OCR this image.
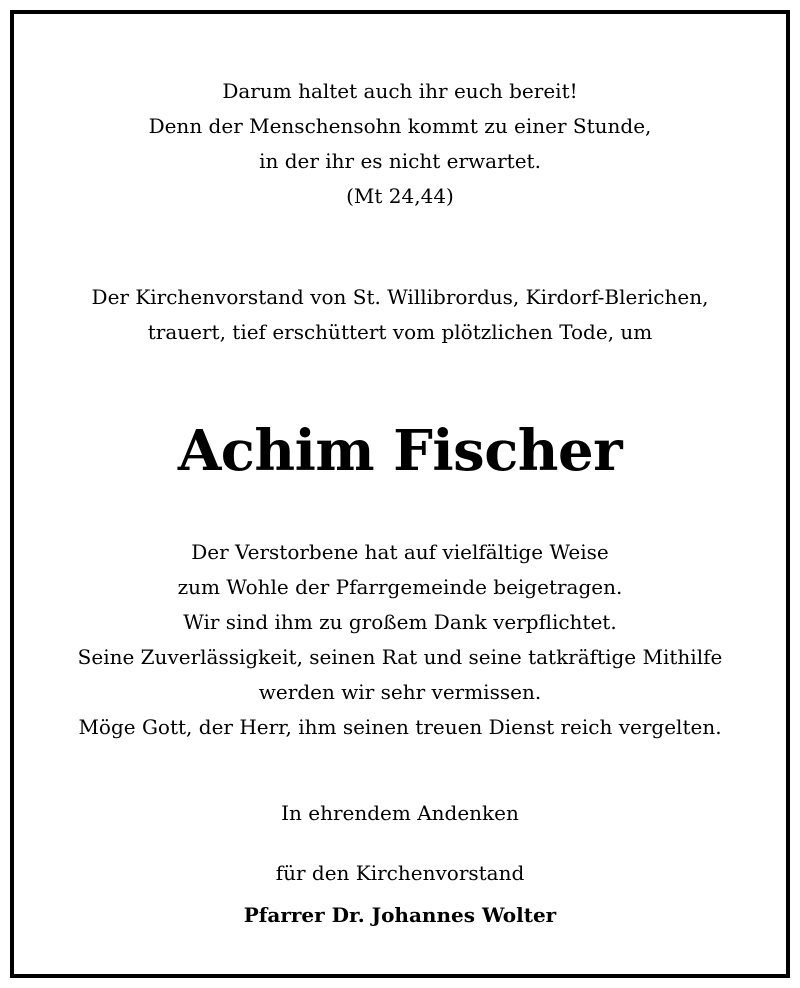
Darum haltet auch ihr euch bereit!
Denn der Menschensohn kommt zu einer Stunde,
in der ihr es nicht erwartet.
(Mt 24,44)
Der Kirchenvorstand von St. Willibrordus, Kirdorf-Blerichen,
trauert, tief erschüttert vom plötzlichen Tode, um
Achim Fischer
Der Verstorbene hat auf vielfältige Weise
zum Wohle der Pfarrgemeinde beigetragen.
Wir sind ihm zu großem Dank verpflichtet.
Seine Zuverlässigkeit, seinen Rat und seine tatkräftige Mithilfe
werden wir sehr vermissen.
Möge Gott, der Herr, ihm seinen treuen Dienst reich vergelten.
In ehrendem Andenken
für den Kirchenvorstand
Pfarrer Dr. Johannes Wolter
